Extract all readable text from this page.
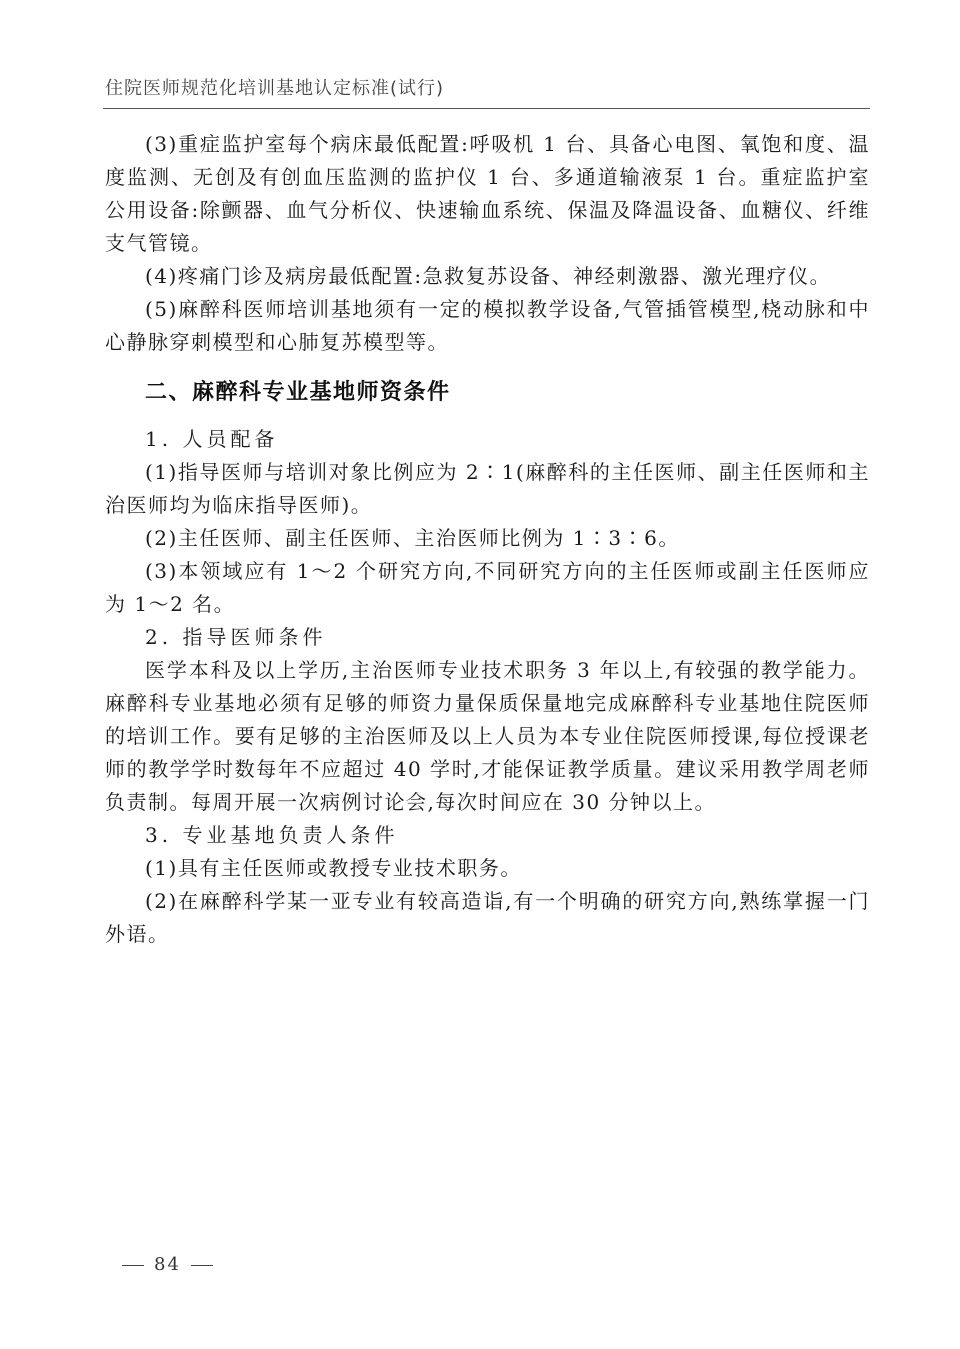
住院医师规范化培训基地认定标准(试行)

(3)重症监护室每个病床最低配置:呼吸机 1 台、具备心电图、氧饱和度、温度监测、无创及有创血压监测的监护仪 1 台、多通道输液泵 1 台。重症监护室公用设备:除颤器、血气分析仪、快速输血系统、保温及降温设备、血糖仪、纤维支气管镜。

(4)疼痛门诊及病房最低配置:急救复苏设备、神经刺激器、激光理疗仪。

(5)麻醉科医师培训基地须有一定的模拟教学设备,气管插管模型,桡动脉和中心静脉穿刺模型和心肺复苏模型等。

二、麻醉科专业基地师资条件

1. 人员配备

(1)指导医师与培训对象比例应为 2∶1(麻醉科的主任医师、副主任医师和主治医师均为临床指导医师)。

(2)主任医师、副主任医师、主治医师比例为 1∶3∶6。

(3)本领域应有 1～2 个研究方向,不同研究方向的主任医师或副主任医师应为 1～2 名。

2. 指导医师条件

医学本科及以上学历,主治医师专业技术职务 3 年以上,有较强的教学能力。麻醉科专业基地必须有足够的师资力量保质保量地完成麻醉科专业基地住院医师的培训工作。要有足够的主治医师及以上人员为本专业住院医师授课,每位授课老师的教学学时数每年不应超过 40 学时,才能保证教学质量。建议采用教学周老师负责制。每周开展一次病例讨论会,每次时间应在 30 分钟以上。

3. 专业基地负责人条件

(1)具有主任医师或教授专业技术职务。

(2)在麻醉科学某一亚专业有较高造诣,有一个明确的研究方向,熟练掌握一门外语。

84
